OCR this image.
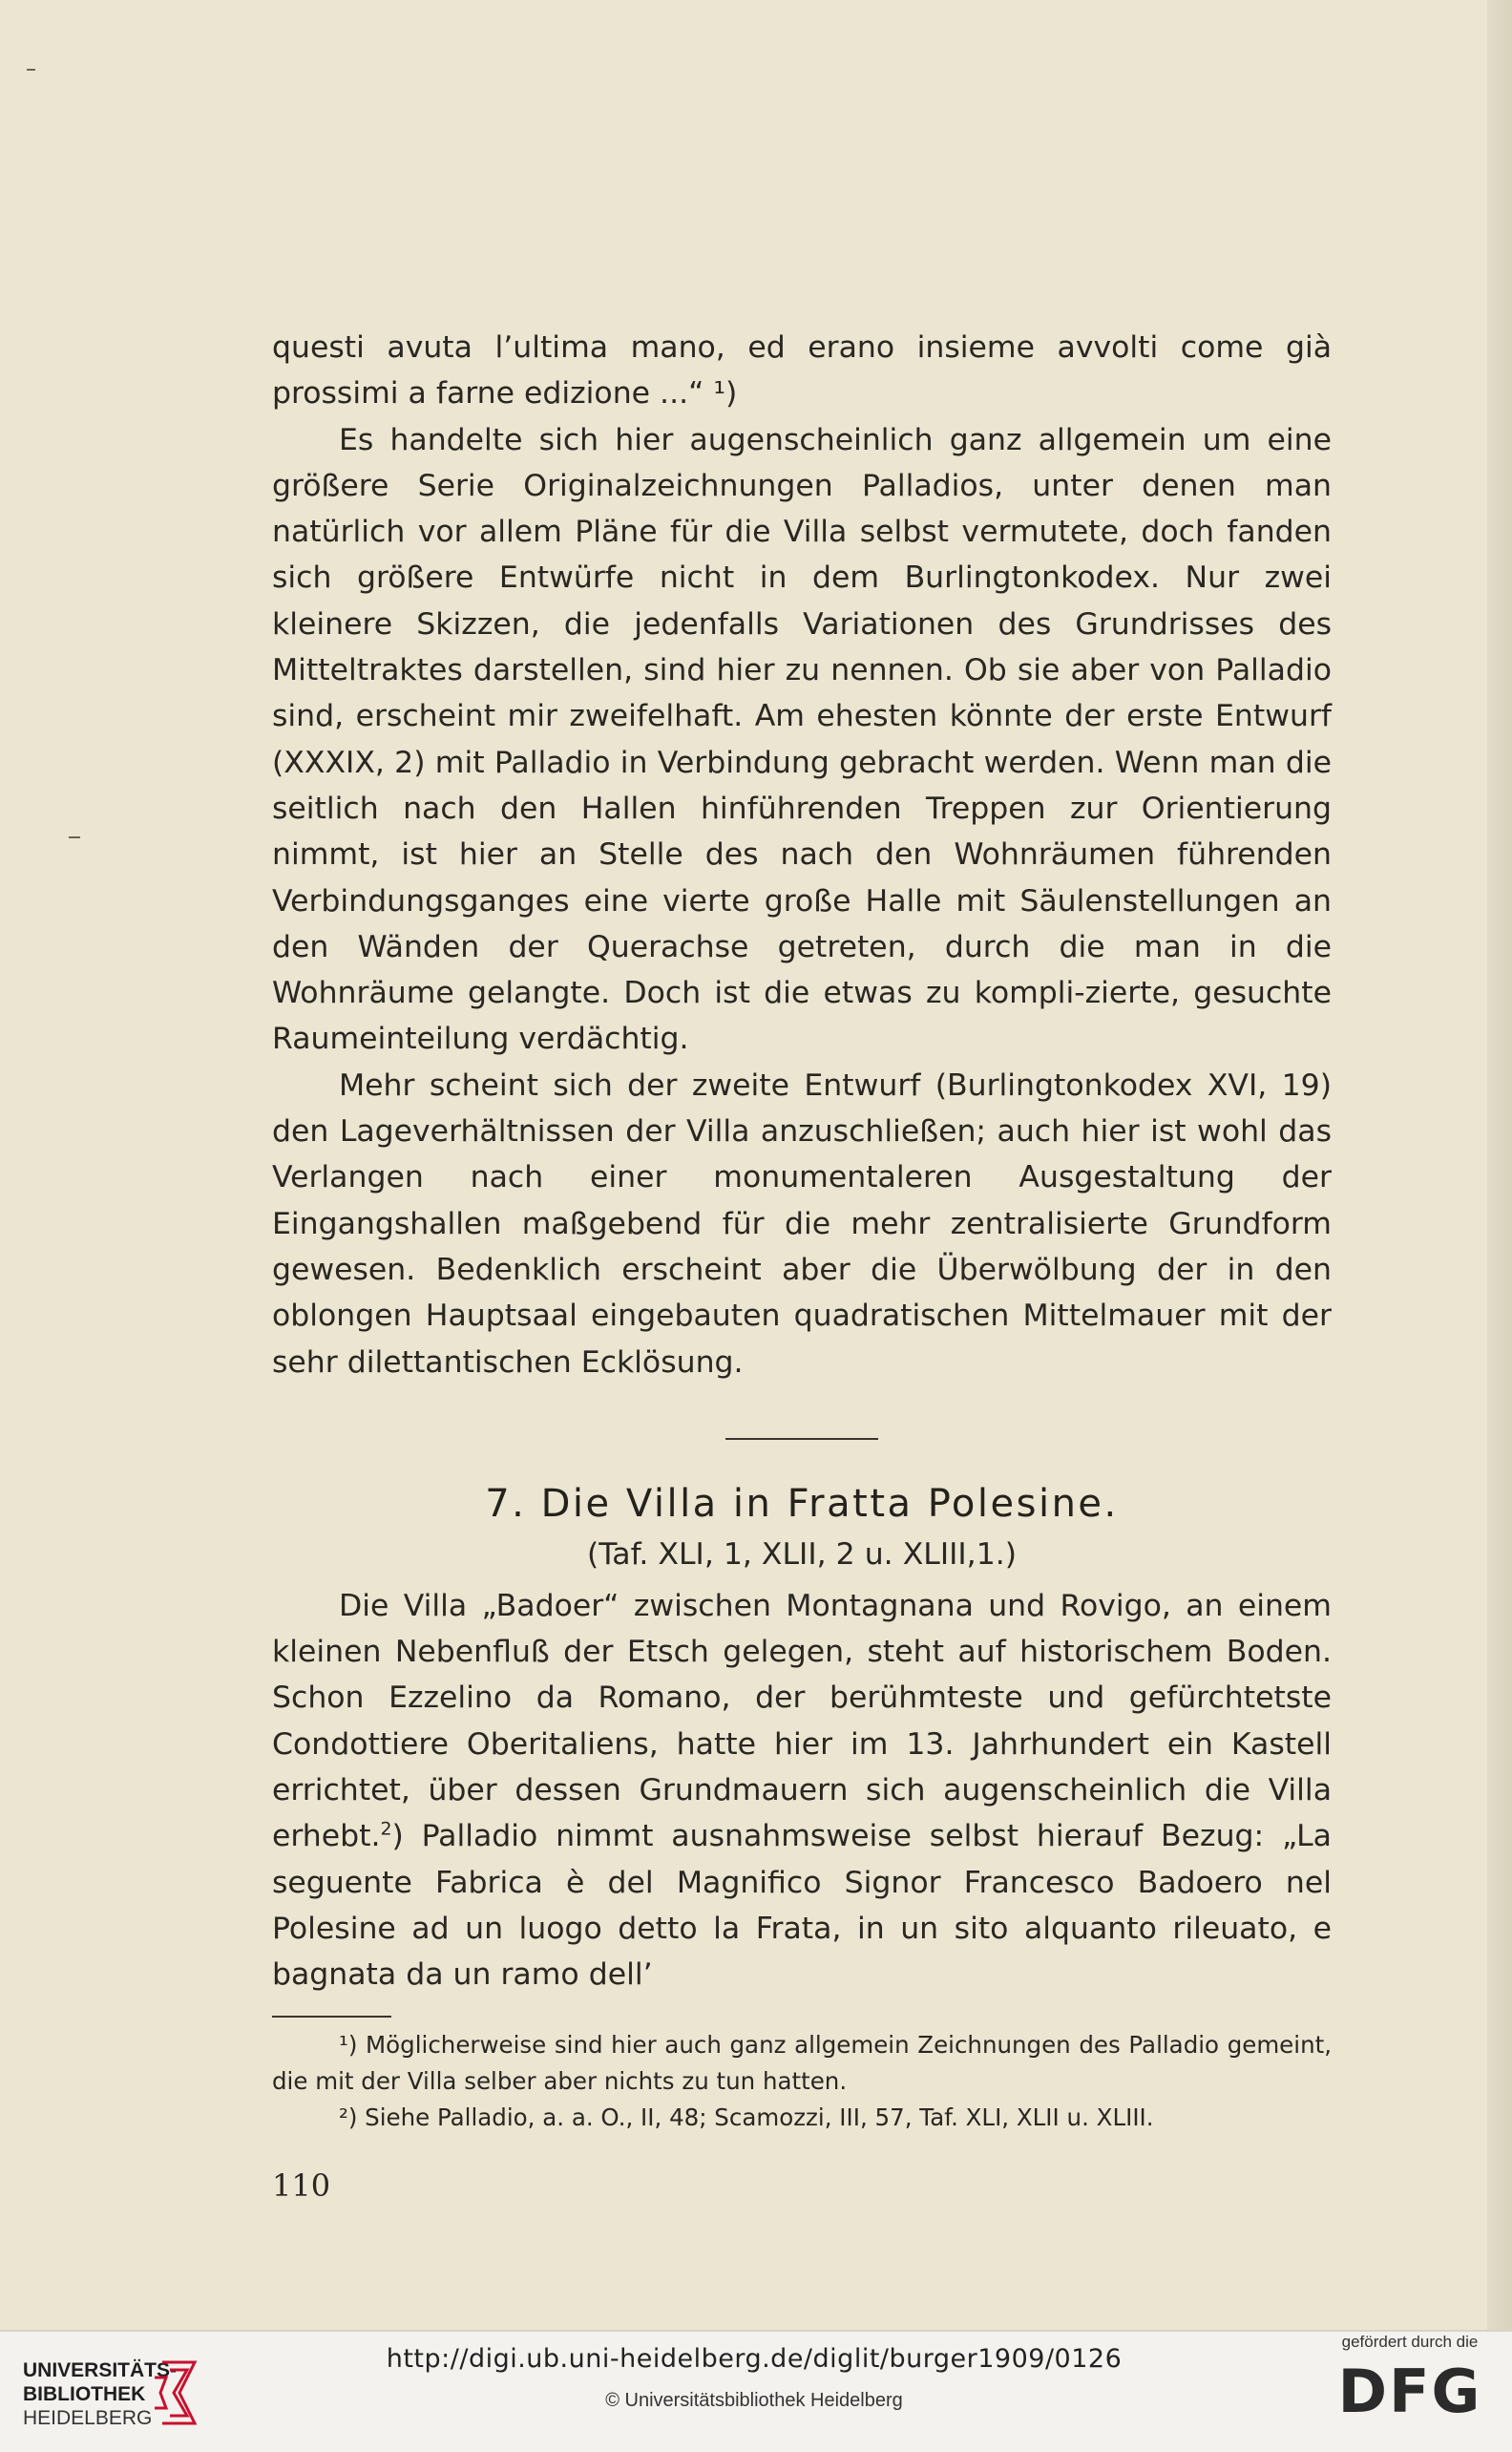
questi avuta l’ultima mano, ed erano insieme avvolti come già prossimi a farne edizione ...“ ¹)

Es handelte sich hier augenscheinlich ganz allgemein um eine größere Serie Originalzeichnungen Palladios, unter denen man natürlich vor allem Pläne für die Villa selbst vermutete, doch fanden sich größere Entwürfe nicht in dem Burlingtonkodex. Nur zwei kleinere Skizzen, die jedenfalls Variationen des Grundrisses des Mitteltraktes darstellen, sind hier zu nennen. Ob sie aber von Palladio sind, erscheint mir zweifelhaft. Am ehesten könnte der erste Entwurf (XXXIX, 2) mit Palladio in Verbindung gebracht werden. Wenn man die seitlich nach den Hallen hinführenden Treppen zur Orientierung nimmt, ist hier an Stelle des nach den Wohnräumen führenden Verbindungsganges eine vierte große Halle mit Säulenstellungen an den Wänden der Querachse getreten, durch die man in die Wohnräume gelangte. Doch ist die etwas zu kompli-zierte, gesuchte Raumeinteilung verdächtig.

Mehr scheint sich der zweite Entwurf (Burlingtonkodex XVI, 19) den Lageverhältnissen der Villa anzuschließen; auch hier ist wohl das Verlangen nach einer monumentaleren Ausgestaltung der Eingangshallen maßgebend für die mehr zentralisierte Grundform gewesen. Bedenklich erscheint aber die Überwölbung der in den oblongen Hauptsaal eingebauten quadratischen Mittelmauer mit der sehr dilettantischen Ecklösung.

7. Die Villa in Fratta Polesine.
(Taf. XLI, 1, XLII, 2 u. XLIII,1.)

Die Villa „Badoer“ zwischen Montagnana und Rovigo, an einem kleinen Nebenfluß der Etsch gelegen, steht auf historischem Boden. Schon Ezzelino da Romano, der berühmteste und gefürchtetste Condottiere Oberitaliens, hatte hier im 13. Jahrhundert ein Kastell errichtet, über dessen Grundmauern sich augenscheinlich die Villa erhebt.$^2$) Palladio nimmt ausnahmsweise selbst hierauf Bezug: „La seguente Fabrica è del Magnifico Signor Francesco Badoero nel Polesine ad un luogo detto la Frata, in un sito alquanto rileuato, e bagnata da un ramo dell’

¹) Möglicherweise sind hier auch ganz allgemein Zeichnungen des Palladio gemeint, die mit der Villa selber aber nichts zu tun hatten.

²) Siehe Palladio, a. a. O., II, 48; Scamozzi, III, 57, Taf. XLI, XLII u. XLIII.

110
UNIVERSITÄTS-
BIBLIOTHEK
HEIDELBERG
http://digi.ub.uni-heidelberg.de/diglit/burger1909/0126
© Universitätsbibliothek Heidelberg
gefördert durch die
DFG
